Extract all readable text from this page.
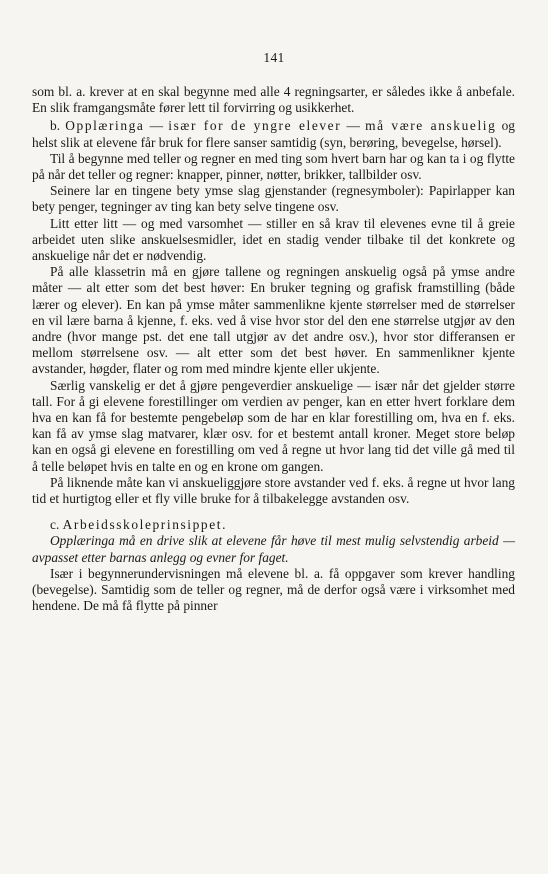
141

som bl. a. krever at en skal begynne med alle 4 regningsarter, er således ikke å anbefale. En slik framgangsmåte fører lett til forvirring og usikkerhet.

b. Opplæringa — især for de yngre elever — må være anskuelig og helst slik at elevene får bruk for flere sanser samtidig (syn, berøring, bevegelse, hørsel).

Til å begynne med teller og regner en med ting som hvert barn har og kan ta i og flytte på når det teller og regner: knapper, pinner, nøtter, brikker, tallbilder osv.

Seinere lar en tingene bety ymse slag gjenstander (regnesymboler): Papirlapper kan bety penger, tegninger av ting kan bety selve tingene osv.

Litt etter litt — og med varsomhet — stiller en så krav til elevenes evne til å greie arbeidet uten slike anskuelsesmidler, idet en stadig vender tilbake til det konkrete og anskuelige når det er nødvendig.

På alle klassetrin må en gjøre tallene og regningen anskuelig også på ymse andre måter — alt etter som det best høver: En bruker tegning og grafisk framstilling (både lærer og elever). En kan på ymse måter sammenlikne kjente størrelser med de størrelser en vil lære barna å kjenne, f. eks. ved å vise hvor stor del den ene størrelse utgjør av den andre (hvor mange pst. det ene tall utgjør av det andre osv.), hvor stor differansen er mellom størrelsene osv. — alt etter som det best høver. En sammenlikner kjente avstander, høgder, flater og rom med mindre kjente eller ukjente.

Særlig vanskelig er det å gjøre pengeverdier anskuelige — især når det gjelder større tall. For å gi elevene forestillinger om verdien av penger, kan en etter hvert forklare dem hva en kan få for bestemte pengebeløp som de har en klar forestilling om, hva en f. eks. kan få av ymse slag matvarer, klær osv. for et bestemt antall kroner. Meget store beløp kan en også gi elevene en forestilling om ved å regne ut hvor lang tid det ville gå med til å telle beløpet hvis en talte en og en krone om gangen.

På liknende måte kan vi anskueliggjøre store avstander ved f. eks. å regne ut hvor lang tid et hurtigtog eller et fly ville bruke for å tilbakelegge avstanden osv.

c. Arbeidsskoleprinsippet.

Opplæringa må en drive slik at elevene får høve til mest mulig selvstendig arbeid — avpasset etter barnas anlegg og evner for faget.

Især i begynnerundervisningen må elevene bl. a. få oppgaver som krever handling (bevegelse). Samtidig som de teller og regner, må de derfor også være i virksomhet med hendene. De må få flytte på pinner
